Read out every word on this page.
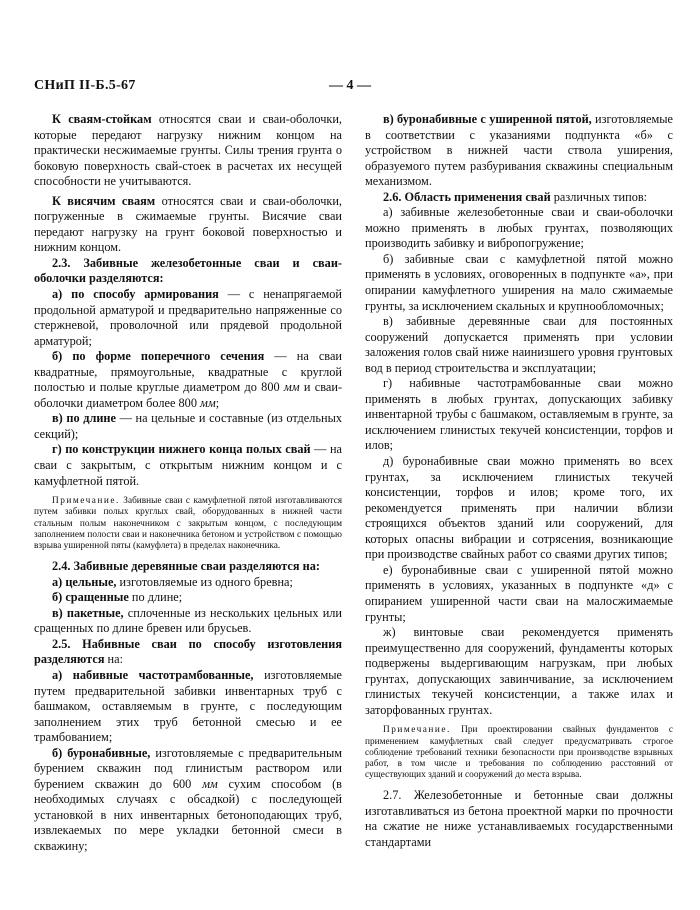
СНиП II-Б.5-67	— 4 —

К сваям-стойкам относятся сваи и сваи-оболочки, которые передают нагрузку нижним концом на практически несжимаемые грунты. Силы трения грунта о боковую поверхность свай-стоек в расчетах их несущей способности не учитываются.

К висячим сваям относятся сваи и сваи-оболочки, погруженные в сжимаемые грунты. Висячие сваи передают нагрузку на грунт боковой поверхностью и нижним концом.

2.3. Забивные железобетонные сваи и сваи-оболочки разделяются:

а) по способу армирования — с ненапрягаемой продольной арматурой и предварительно напряженные со стержневой, проволочной или прядевой продольной арматурой;

б) по форме поперечного сечения — на сваи квадратные, прямоугольные, квадратные с круглой полостью и полые круглые диаметром до 800 мм и сваи-оболочки диаметром более 800 мм;

в) по длине — на цельные и составные (из отдельных секций);

г) по конструкции нижнего конца полых свай — на сваи с закрытым, с открытым нижним концом и с камуфлетной пятой.

Примечание. Забивные сваи с камуфлетной пятой изготавливаются путем забивки полых круглых свай, оборудованных в нижней части стальным полым наконечником с закрытым концом, с последующим заполнением полости сваи и наконечника бетоном и устройством с помощью взрыва уширенной пяты (камуфлета) в пределах наконечника.

2.4. Забивные деревянные сваи разделяются на:

а) цельные, изготовляемые из одного бревна;

б) сращенные по длине;

в) пакетные, сплоченные из нескольких цельных или сращенных по длине бревен или брусьев.

2.5. Набивные сваи по способу изготовления разделяются на:

а) набивные частотрамбованные, изготовляемые путем предварительной забивки инвентарных труб с башмаком, оставляемым в грунте, с последующим заполнением этих труб бетонной смесью и ее трамбованием;

б) буронабивные, изготовляемые с предварительным бурением скважин под глинистым раствором или бурением скважин до 600 мм сухим способом (в необходимых случаях с обсадкой) с последующей установкой в них инвентарных бетоноподающих труб, извлекаемых по мере укладки бетонной смеси в скважину;

в) буронабивные с уширенной пятой, изготовляемые в соответствии с указаниями подпункта «б» с устройством в нижней части ствола уширения, образуемого путем разбуривания скважины специальным механизмом.

2.6. Область применения свай различных типов:

а) забивные железобетонные сваи и сваи-оболочки можно применять в любых грунтах, позволяющих производить забивку и вибропогружение;

б) забивные сваи с камуфлетной пятой можно применять в условиях, оговоренных в подпункте «а», при опирании камуфлетного уширения на мало сжимаемые грунты, за исключением скальных и крупнообломочных;

в) забивные деревянные сваи для постоянных сооружений допускается применять при условии заложения голов свай ниже наинизшего уровня грунтовых вод в период строительства и эксплуатации;

г) набивные частотрамбованные сваи можно применять в любых грунтах, допускающих забивку инвентарной трубы с башмаком, оставляемым в грунте, за исключением глинистых текучей консистенции, торфов и илов;

д) буронабивные сваи можно применять во всех грунтах, за исключением глинистых текучей консистенции, торфов и илов; кроме того, их рекомендуется применять при наличии вблизи строящихся объектов зданий или сооружений, для которых опасны вибрации и сотрясения, возникающие при производстве свайных работ со сваями других типов;

е) буронабивные сваи с уширенной пятой можно применять в условиях, указанных в подпункте «д» с опиранием уширенной части сваи на малосжимаемые грунты;

ж) винтовые сваи рекомендуется применять преимущественно для сооружений, фундаменты которых подвержены выдергивающим нагрузкам, при любых грунтах, допускающих завинчивание, за исключением глинистых текучей консистенции, а также илах и заторфованных грунтах.

Примечание. При проектировании свайных фундаментов с применением камуфлетных свай следует предусматривать строгое соблюдение требований техники безопасности при производстве взрывных работ, в том числе и требования по соблюдению расстояний от существующих зданий и сооружений до места взрыва.

2.7. Железобетонные и бетонные сваи должны изготавливаться из бетона проектной марки по прочности на сжатие не ниже устанавливаемых государственными стандартами
